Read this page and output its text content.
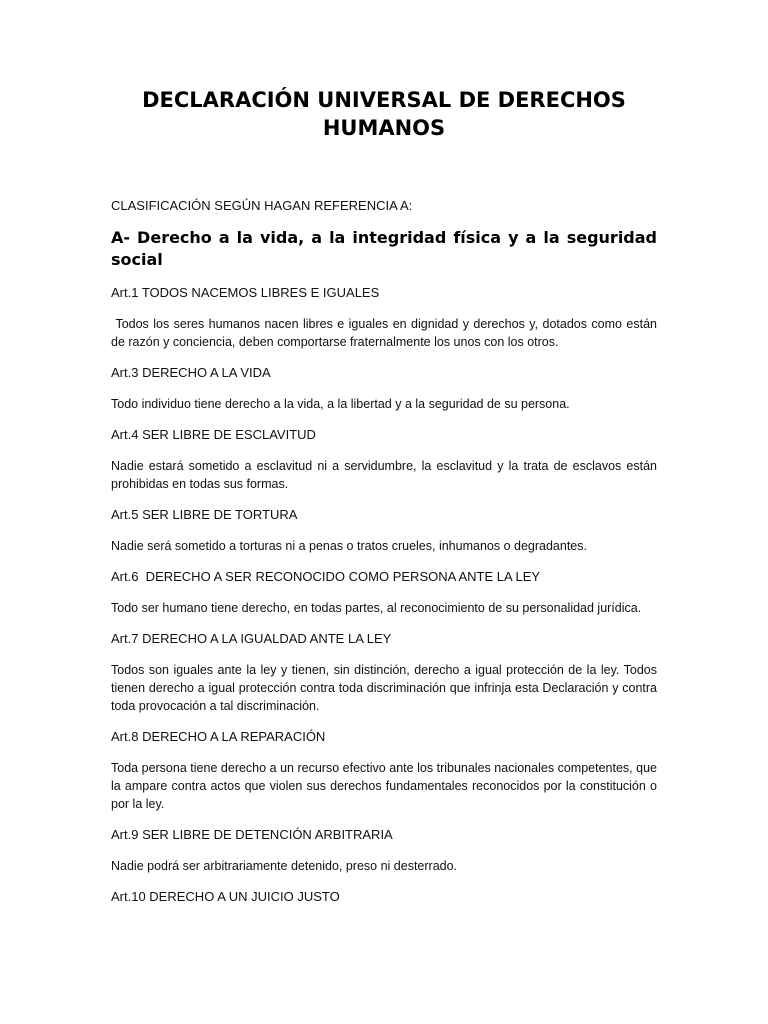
DECLARACIÓN UNIVERSAL DE DERECHOS HUMANOS

CLASIFICACIÓN SEGÚN HAGAN REFERENCIA A:

A- Derecho a la vida, a la integridad física y a la seguridad social

Art.1 TODOS NACEMOS LIBRES E IGUALES

Todos los seres humanos nacen libres e iguales en dignidad y derechos y, dotados como están de razón y conciencia, deben comportarse fraternalmente los unos con los otros.

Art.3 DERECHO A LA VIDA

Todo individuo tiene derecho a la vida, a la libertad y a la seguridad de su persona.

Art.4 SER LIBRE DE ESCLAVITUD

Nadie estará sometido a esclavitud ni a servidumbre, la esclavitud y la trata de esclavos están prohibidas en todas sus formas.

Art.5 SER LIBRE DE TORTURA

Nadie será sometido a torturas ni a penas o tratos crueles, inhumanos o degradantes.

Art.6  DERECHO A SER RECONOCIDO COMO PERSONA ANTE LA LEY

Todo ser humano tiene derecho, en todas partes, al reconocimiento de su personalidad jurídica.

Art.7 DERECHO A LA IGUALDAD ANTE LA LEY

Todos son iguales ante la ley y tienen, sin distinción, derecho a igual protección de la ley. Todos tienen derecho a igual protección contra toda discriminación que infrinja esta Declaración y contra toda provocación a tal discriminación.

Art.8 DERECHO A LA REPARACIÓN

Toda persona tiene derecho a un recurso efectivo ante los tribunales nacionales competentes, que la ampare contra actos que violen sus derechos fundamentales reconocidos por la constitución o por la ley.

Art.9 SER LIBRE DE DETENCIÓN ARBITRARIA

Nadie podrá ser arbitrariamente detenido, preso ni desterrado.

Art.10 DERECHO A UN JUICIO JUSTO
